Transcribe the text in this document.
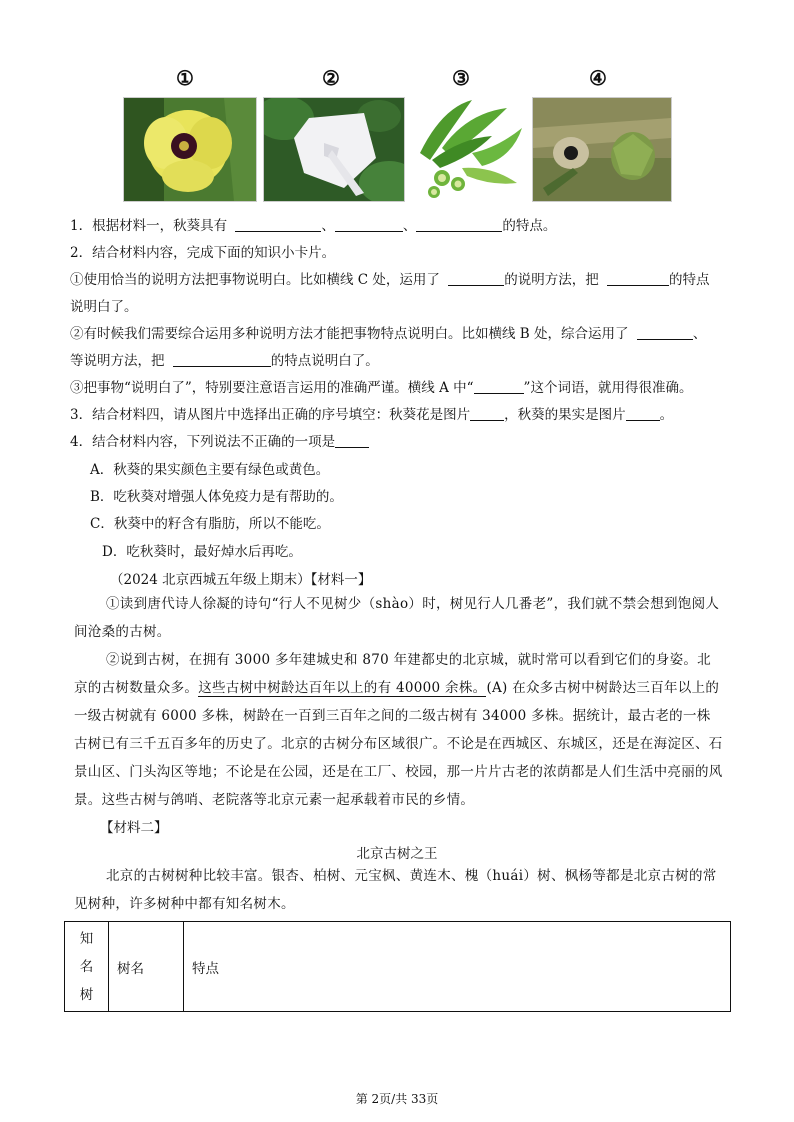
①	②	③	④
1．根据材料一，秋葵具有	、	、	的特点。
2．结合材料内容，完成下面的知识小卡片。
①使用恰当的说明方法把事物说明白。比如横线 C 处，运用了	的说明方法，把	的特点
说明白了。
②有时候我们需要综合运用多种说明方法才能把事物特点说明白。比如横线 B 处，综合运用了	、
等说明方法，把	的特点说明白了。
③把事物“说明白了”，特别要注意语言运用的准确严谨。横线 A 中“	”这个词语，就用得很准确。
3．结合材料四，请从图片中选择出正确的序号填空：秋葵花是图片	，秋葵的果实是图片	。
4．结合材料内容，下列说法不正确的一项是
A．秋葵的果实颜色主要有绿色或黄色。
B．吃秋葵对增强人体免疫力是有帮助的。
C．秋葵中的籽含有脂肪，所以不能吃。
D．吃秋葵时，最好焯水后再吃。
（2024 北京西城五年级上期末）【材料一】
①读到唐代诗人徐凝的诗句“行人不见树少（shào）时，树见行人几番老”，我们就不禁会想到饱阅人间沧桑的古树。
②说到古树，在拥有 3000 多年建城史和 870 年建都史的北京城，就时常可以看到它们的身姿。北京的古树数量众多。这些古树中树龄达百年以上的有 40000 余株。(A) 在众多古树中树龄达三百年以上的一级古树就有 6000 多株，树龄在一百到三百年之间的二级古树有 34000 多株。据统计，最古老的一株古树已有三千五百多年的历史了。北京的古树分布区域很广。不论是在西城区、东城区，还是在海淀区、石景山区、门头沟区等地；不论是在公园，还是在工厂、校园，那一片片古老的浓荫都是人们生活中亮丽的风景。这些古树与鸽哨、老院落等北京元素一起承载着市民的乡情。
【材料二】
北京古树之王
北京的古树树种比较丰富。银杏、柏树、元宝枫、黄连木、槐（huái）树、枫杨等都是北京古树的常见树种，许多树种中都有知名树木。
知
名
树
	树名	特点
第 2页/共 33页
